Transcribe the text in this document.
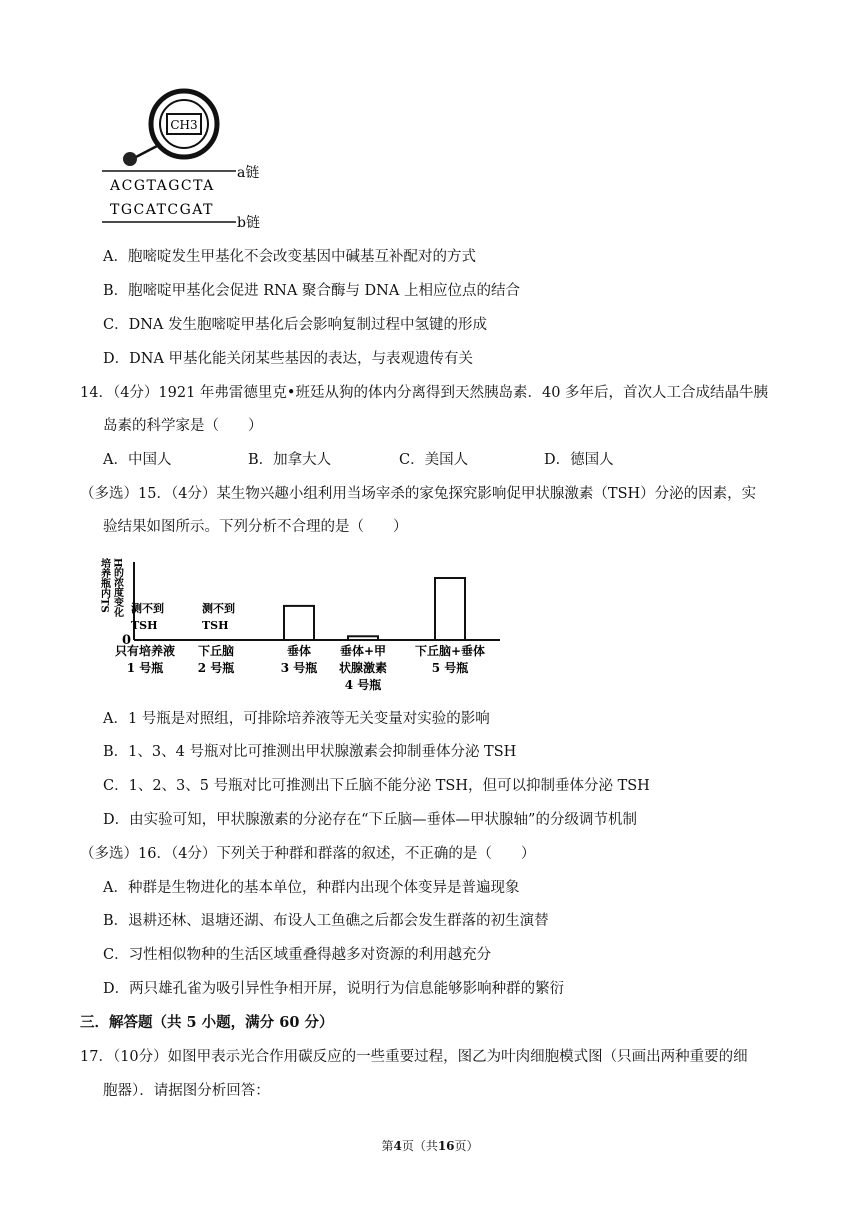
CH3
ACGTAGCTA
a链
TGCATCGAT
b链
A．胞嘧啶发生甲基化不会改变基因中碱基互补配对的方式
B．胞嘧啶甲基化会促进 RNA 聚合酶与 DNA 上相应位点的结合
C．DNA 发生胞嘧啶甲基化后会影响复制过程中氢键的形成
D．DNA 甲基化能关闭某些基因的表达，与表观遗传有关
14．（4分）1921 年弗雷德里克•班廷从狗的体内分离得到天然胰岛素．40 多年后，首次人工合成结晶牛胰
岛素的科学家是（　　）
A．中国人	B．加拿大人	C．美国人	D．德国人
（多选）15．（4分）某生物兴趣小组利用当场宰杀的家兔探究影响促甲状腺激素（TSH）分泌的因素，实
验结果如图所示。下列分析不合理的是（　　）
培养瓶内TS H的浓度变化
0
测不到
TSH
测不到
TSH
只有培养液
1 号瓶
下丘脑
2 号瓶
垂体
3 号瓶
垂体+甲
状腺激素
4 号瓶
下丘脑+垂体
5 号瓶
A．1 号瓶是对照组，可排除培养液等无关变量对实验的影响
B．1、3、4 号瓶对比可推测出甲状腺激素会抑制垂体分泌 TSH
C．1、2、3、5 号瓶对比可推测出下丘脑不能分泌 TSH，但可以抑制垂体分泌 TSH
D．由实验可知，甲状腺激素的分泌存在“下丘脑—垂体—甲状腺轴”的分级调节机制
（多选）16．（4分）下列关于种群和群落的叙述，不正确的是（　　）
A．种群是生物进化的基本单位，种群内出现个体变异是普遍现象
B．退耕还林、退塘还湖、布设人工鱼礁之后都会发生群落的初生演替
C．习性相似物种的生活区域重叠得越多对资源的利用越充分
D．两只雄孔雀为吸引异性争相开屏，说明行为信息能够影响种群的繁衍
三．解答题（共 5 小题，满分 60 分）
17．（10分）如图甲表示光合作用碳反应的一些重要过程，图乙为叶肉细胞模式图（只画出两种重要的细
胞器）．请据图分析回答：
第4页（共16页）
